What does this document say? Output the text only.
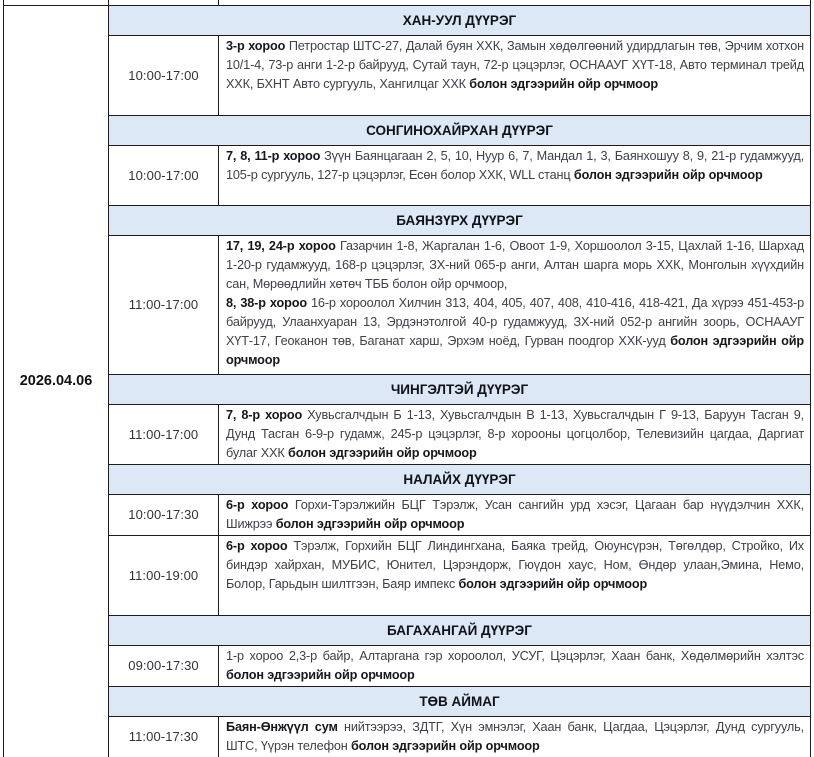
2026.04.06	ХАН-УУЛ ДҮҮРЭГ	
	10:00-17:00	3-р хороо Петростар ШТС-27, Далай буян ХХК, Замын хөдөлгөөний удирдлагын төв, Эрчим хотхон 10/1-4, 73-р анги 1-2-р байрууд, Сутай таун, 72-р цэцэрлэг, ОСНААУГ ХҮТ-18, Авто терминал трейд ХХК, БХНТ Авто сургууль, Хангилцаг ХХК болон эдгээрийн ойр орчмоор

	СОНГИНОХАЙРХАН ДҮҮРЭГ	
	10:00-17:00	7, 8, 11-р хороо Зүүн Баянцагаан 2, 5, 10, Нуур 6, 7, Мандал 1, 3, Баянхошуу 8, 9, 21-р гудамжууд, 105-р сургууль, 127-р цэцэрлэг, Есөн болор ХХК, WLL станц болон эдгээрийн ойр орчмоор

	БАЯНЗҮРХ ДҮҮРЭГ	
	11:00-17:00	17, 19, 24-р хороо Газарчин 1-8, Жаргалан 1-6, Овоот 1-9, Хоршоолол 3-15, Цахлай 1-16, Шархад 1-20-р гудамжууд, 168-р цэцэрлэг, ЗХ-ний 065-р анги, Алтан шарга морь ХХК, Монголын хүүхдийн сан, Мөрөөдлийн хөтөч ТББ болон ойр орчмоор,
8, 38-р хороо 16-р хороолол Хилчин 313, 404, 405, 407, 408, 410-416, 418-421, Да хүрээ 451-453-р байрууд, Улаанхуаран 13, Эрдэнэтолгой 40-р гудамжууд, ЗХ-ний 052-р ангийн зоорь, ОСНААУГ ХҮТ-17, Геоканон төв, Баганат харш, Эрхэм ноёд, Гурван поодгор ХХК-ууд болон эдгээрийн ойр орчмоор

	ЧИНГЭЛТЭЙ ДҮҮРЭГ	
	11:00-17:00	7, 8-р хороо Хувьсгалчдын Б 1-13, Хувьсгалчдын В 1-13, Хувьсгалчдын Г 9-13, Баруун Тасган 9, Дунд Тасган 6-9-р гудамж, 245-р цэцэрлэг, 8-р хорооны цогцолбор, Телевизийн цагдаа, Даргиат булаг ХХК болон эдгээрийн ойр орчмоор

	НАЛАЙХ ДҮҮРЭГ	
	10:00-17:30	6-р хороо Горхи-Тэрэлжийн БЦГ Тэрэлж, Усан сангийн урд хэсэг, Цагаан бар нүүдэлчин ХХК, Шижрээ болон эдгээрийн ойр орчмоор

	11:00-19:00	6-р хороо Тэрэлж, Горхийн БЦГ Линдингхана, Баяка трейд, Оюунсүрэн, Төгөлдөр, Стройко, Их биндэр хайрхан, МУБИС, Юнител, Цэрэндорж, Гюүдон хаус, Ном, Өндөр улаан,Эмина, Немо, Болор, Гарьдын шилтгээн, Баяр импекс болон эдгээрийн ойр орчмоор

	БАГАХАНГАЙ ДҮҮРЭГ	
	09:00-17:30	1-р хороо 2,3-р байр, Алтаргана гэр хороолол, УСУГ, Цэцэрлэг, Хаан банк, Хөдөлмөрийн хэлтэс болон эдгээрийн ойр орчмоор

	ТӨВ АЙМАГ	
	11:00-17:30	Баян-Өнжүүл сум нийтээрээ, ЗДТГ, Хүн эмнэлэг, Хаан банк, Цагдаа, Цэцэрлэг, Дунд сургууль, ШТС, Үүрэн телефон болон эдгээрийн ойр орчмоор
